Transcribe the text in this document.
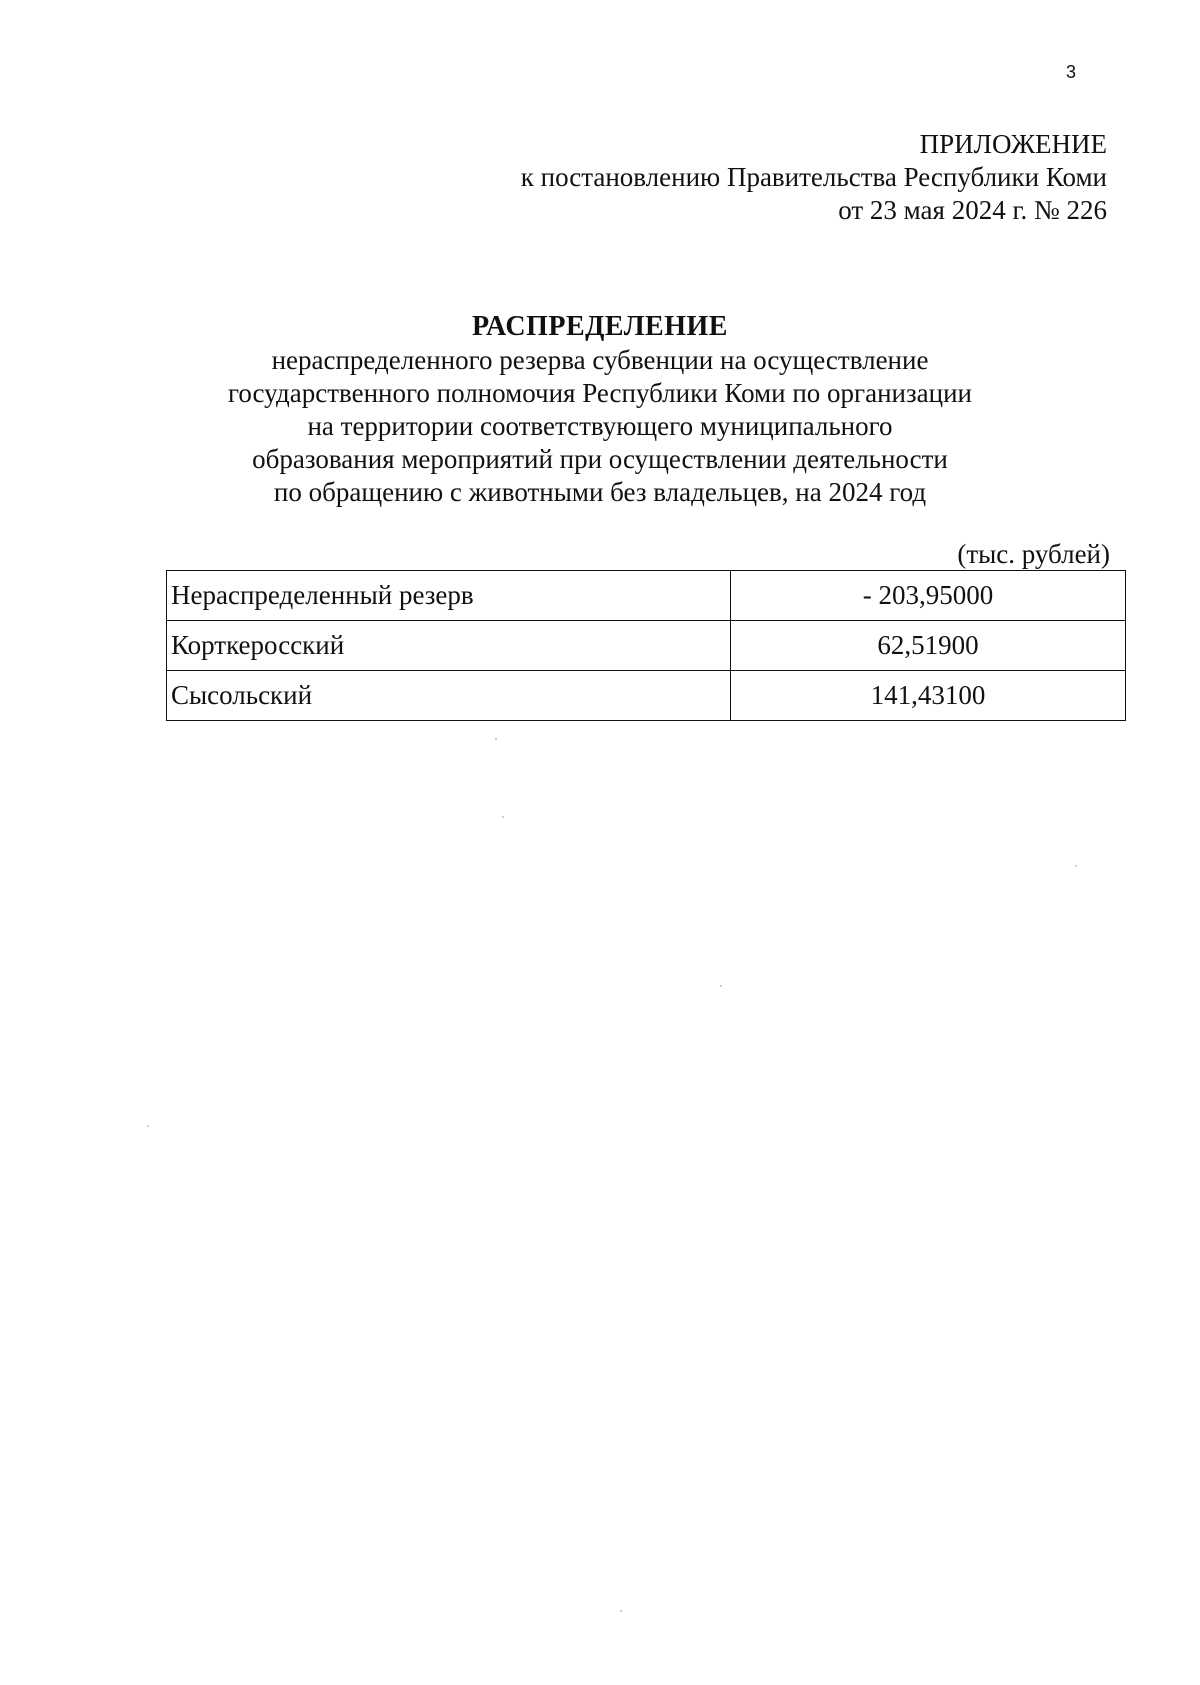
3
ПРИЛОЖЕНИЕ
к постановлению Правительства Республики Коми
от 23 мая 2024 г. № 226
РАСПРЕДЕЛЕНИЕ
нераспределенного резерва субвенции на осуществление
государственного полномочия Республики Коми по организации
на территории соответствующего муниципального
образования мероприятий при осуществлении деятельности
по обращению с животными без владельцев, на 2024 год
(тыс. рублей)
Нераспределенный резерв	- 203,95000
Корткеросский	62,51900
Сысольский	141,43100
